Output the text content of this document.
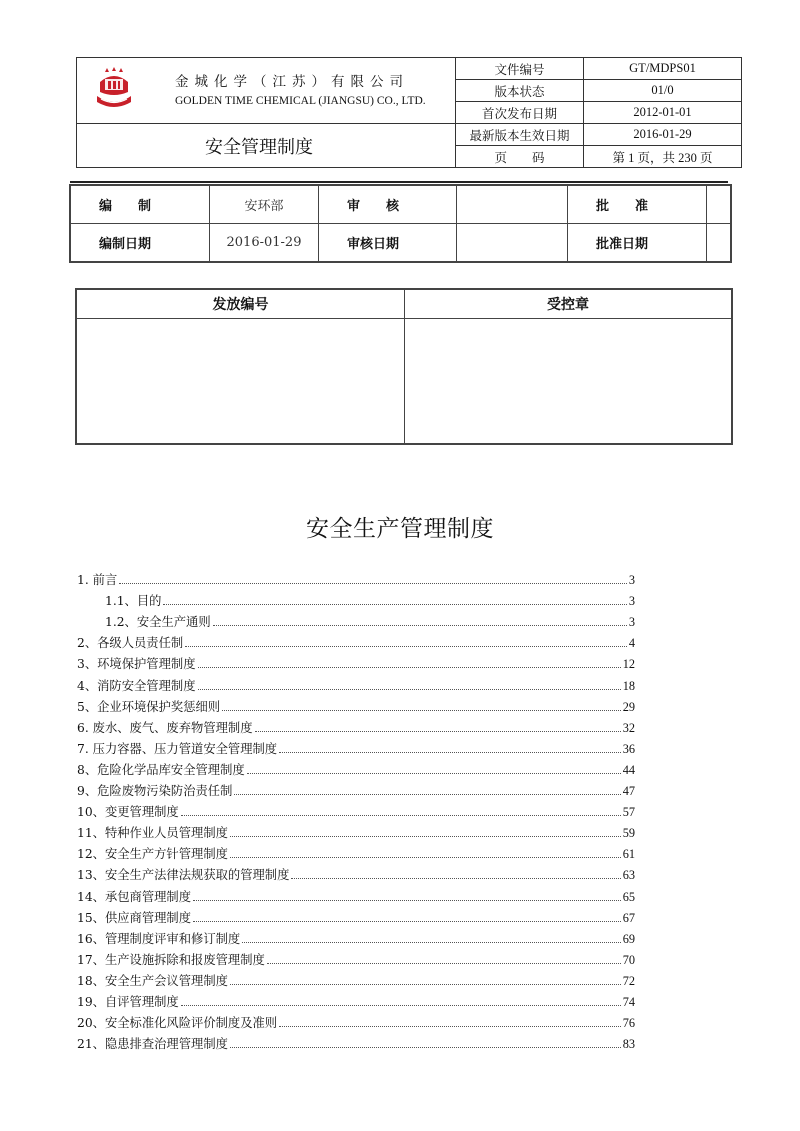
金城化学（江苏）有限公司
GOLDEN TIME CHEMICAL (JIANGSU) CO., LTD.	文件编号	GT/MDPS01
		版本状态	01/0
		首次发布日期	2012-01-01
安全管理制度		最新版本生效日期	2016-01-29
		页　　码	第 1 页，共 230 页
编　　制	安环部	审　　核		批　　准	
编制日期	2016-01-29	审核日期		批准日期	
发放编号	受控章

安全生产管理制度
1. 前言	3
1.1、目的	3
1.2、安全生产通则	3
2、各级人员责任制	4
3、环境保护管理制度	12
4、消防安全管理制度	18
5、企业环境保护奖惩细则	29
6. 废水、废气、废弃物管理制度	32
7. 压力容器、压力管道安全管理制度	36
8、危险化学品库安全管理制度	44
9、危险废物污染防治责任制	47
10、变更管理制度	57
11、特种作业人员管理制度	59
12、安全生产方针管理制度	61
13、安全生产法律法规获取的管理制度	63
14、承包商管理制度	65
15、供应商管理制度	67
16、管理制度评审和修订制度	69
17、生产设施拆除和报废管理制度	70
18、安全生产会议管理制度	72
19、自评管理制度	74
20、安全标准化风险评价制度及准则	76
21、隐患排查治理管理制度	83
